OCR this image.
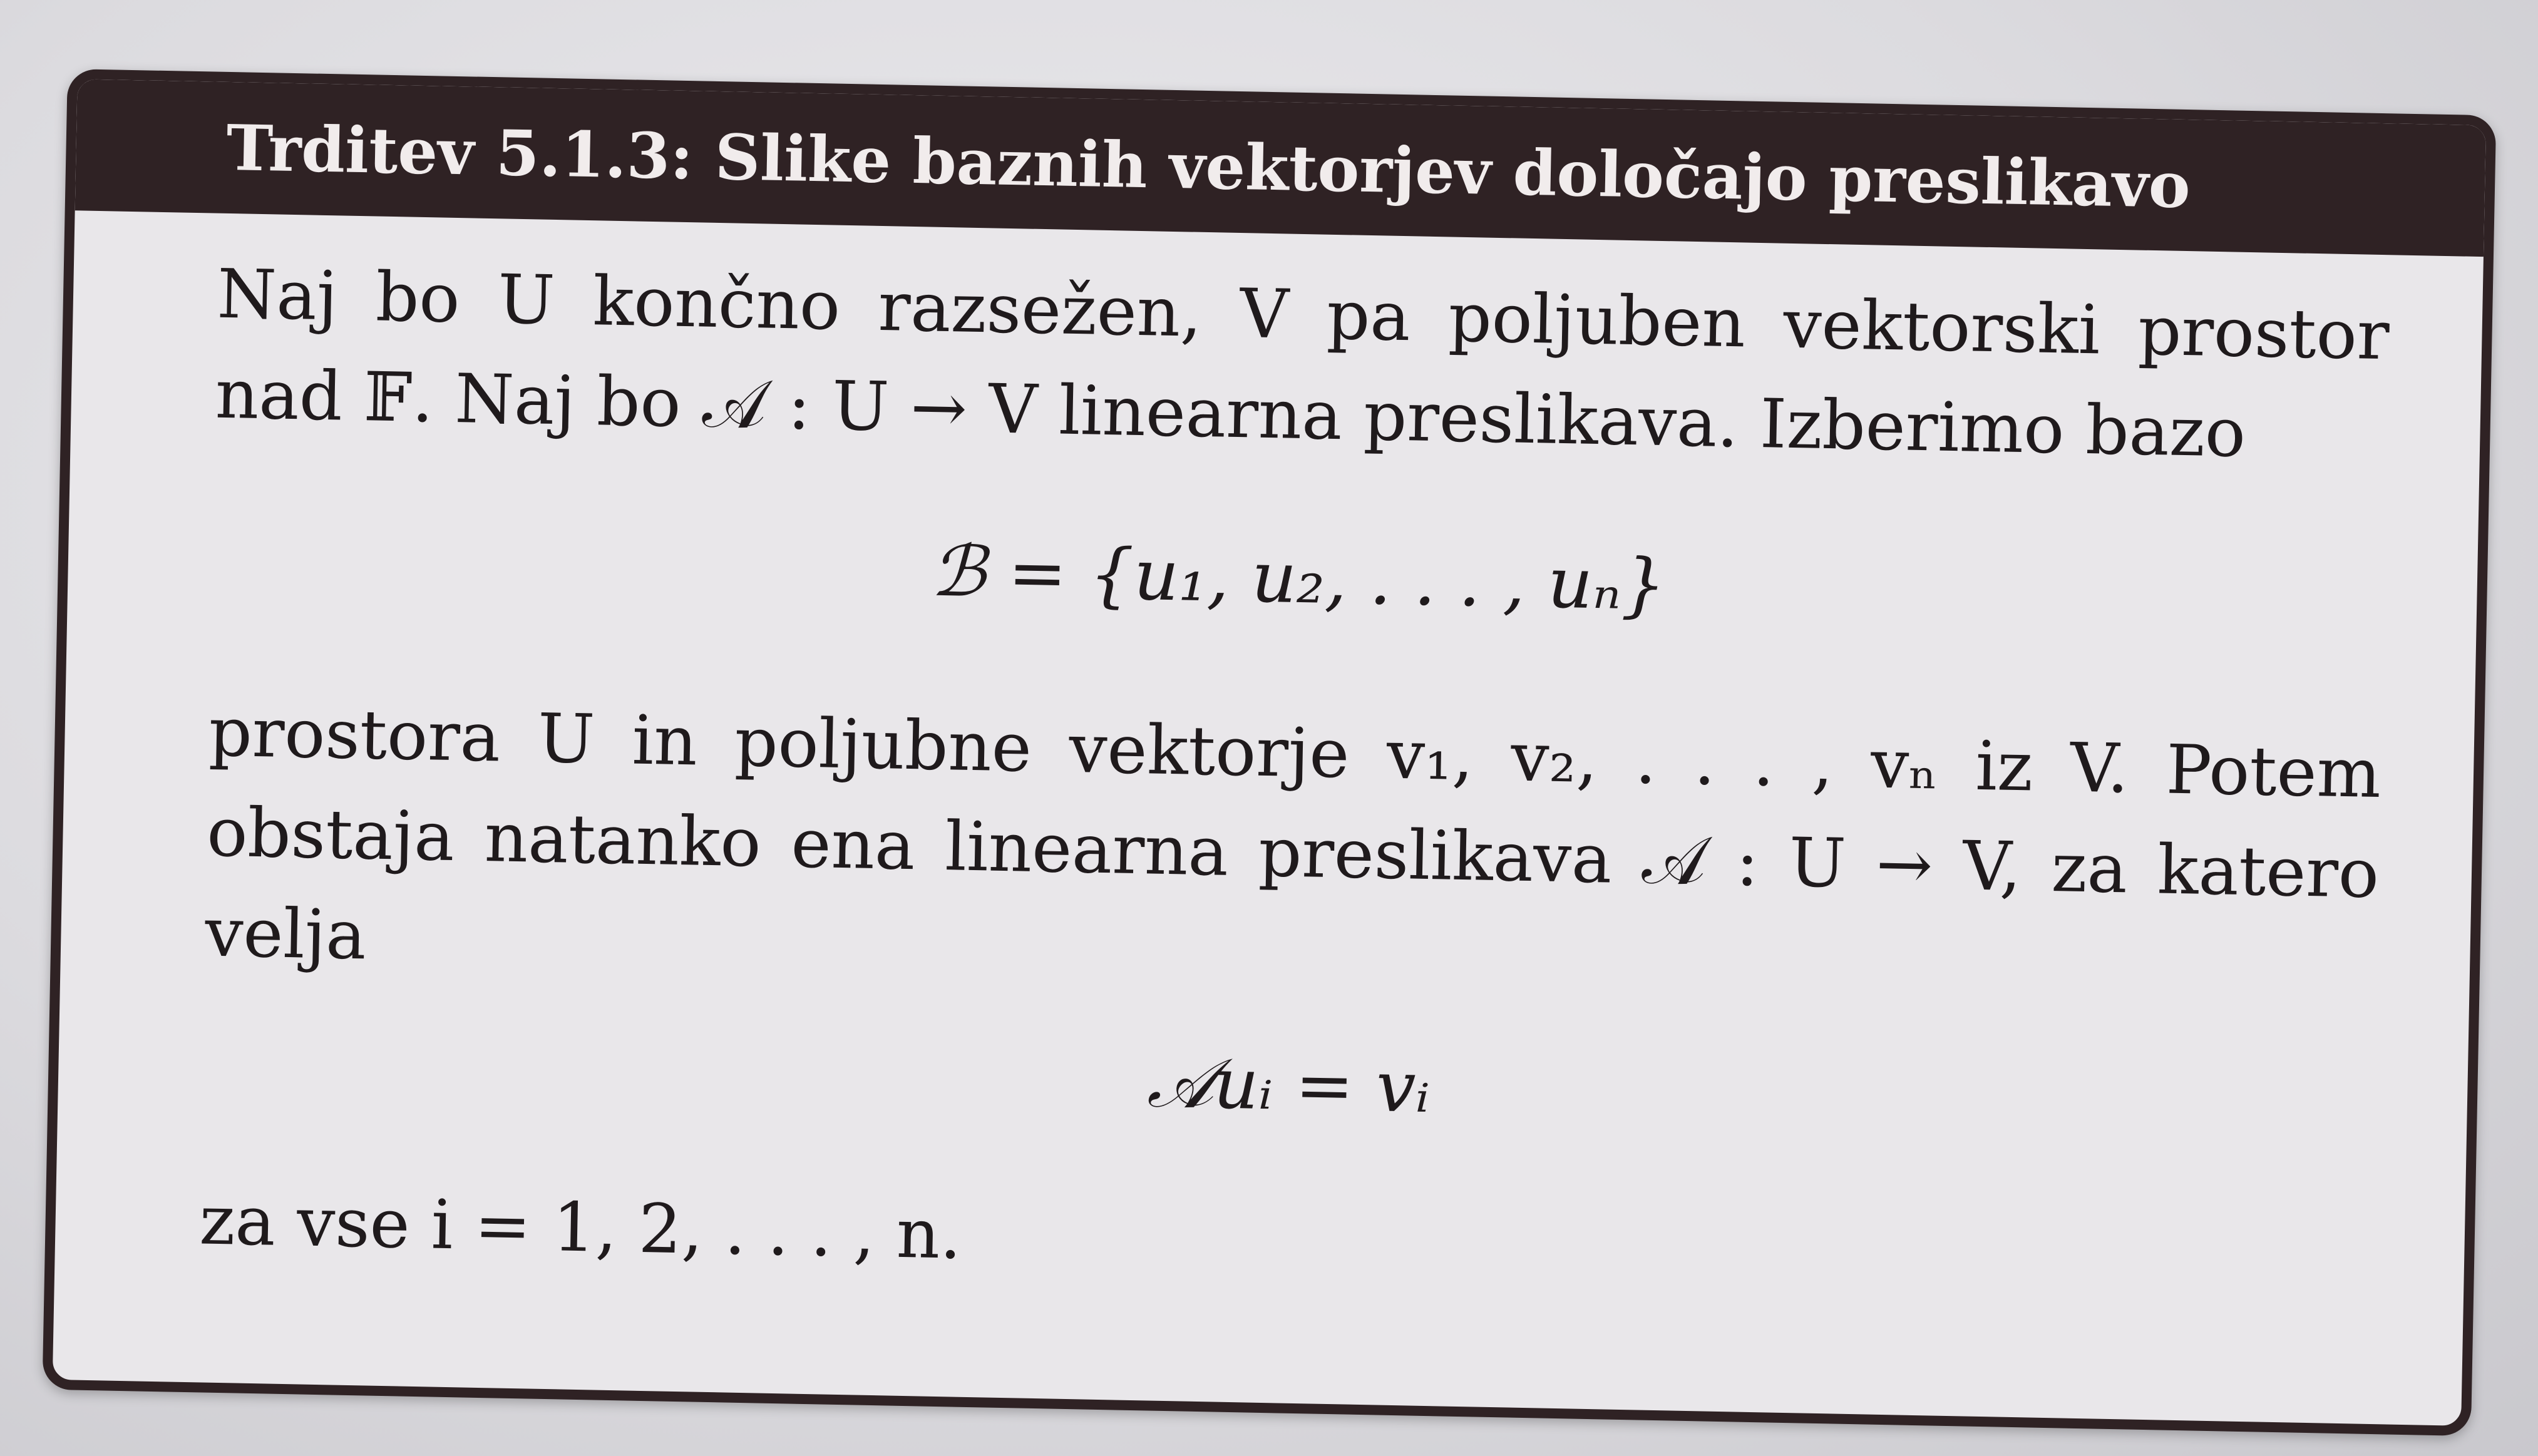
Trditev 5.1.3: Slike baznih vektorjev določajo preslikavo
Naj bo U končno razsežen, V pa poljuben vektorski prostor
nad 𝔽. Naj bo 𝒜 : U → V linearna preslikava. Izberimo bazo
ℬ = {u₁, u₂, . . . , uₙ}
prostora U in poljubne vektorje v₁, v₂, . . . , vₙ iz V. Potem
obstaja natanko ena linearna preslikava 𝒜 : U → V, za katero
velja
𝒜uᵢ = vᵢ
za vse i = 1, 2, . . . , n.
